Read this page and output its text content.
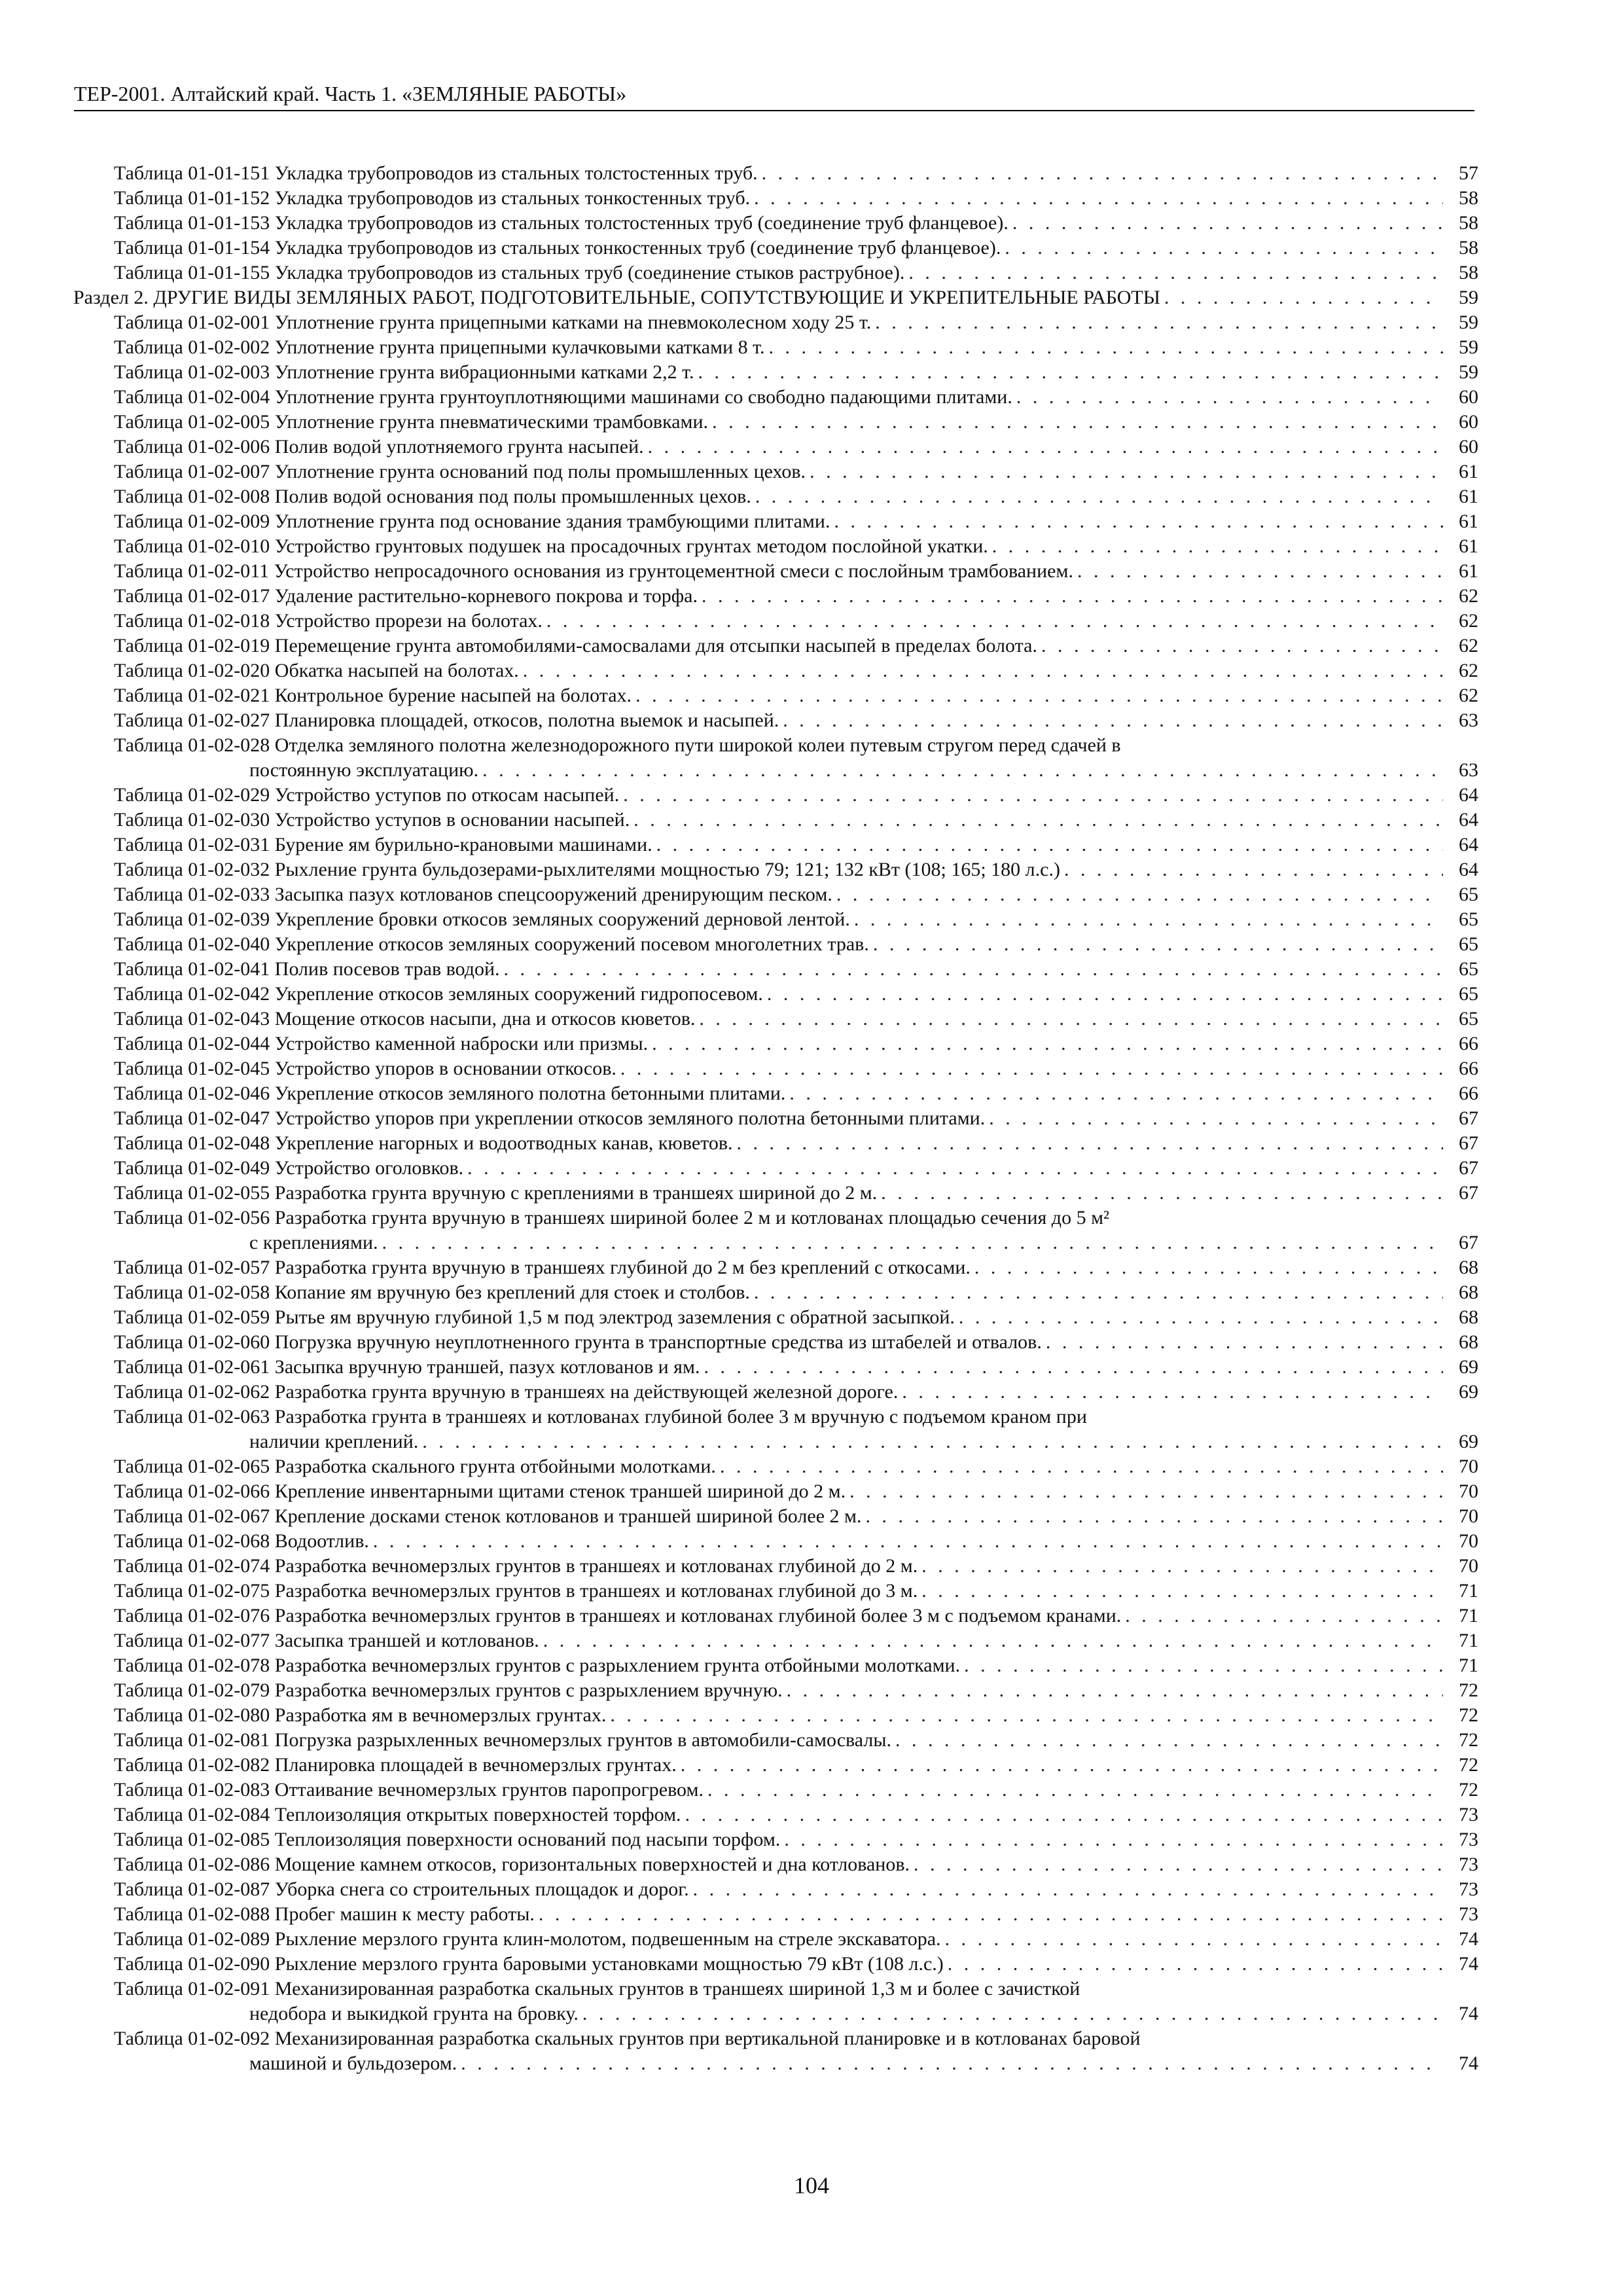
ТЕР-2001. Алтайский край. Часть 1. «ЗЕМЛЯНЫЕ РАБОТЫ»
Таблица 01-01-151 Укладка трубопроводов из стальных толстостенных труб. . . .	57
Таблица 01-01-152 Укладка трубопроводов из стальных тонкостенных труб. . . .	58
Таблица 01-01-153 Укладка трубопроводов из стальных толстостенных труб (соединение труб фланцевое). . . .	58
Таблица 01-01-154 Укладка трубопроводов из стальных тонкостенных труб (соединение труб фланцевое). . . .	58
Таблица 01-01-155 Укладка трубопроводов из стальных труб (соединение стыков раструбное). . . .	58
Раздел 2. ДРУГИЕ ВИДЫ ЗЕМЛЯНЫХ РАБОТ, ПОДГОТОВИТЕЛЬНЫЕ, СОПУТСТВУЮЩИЕ И УКРЕПИТЕЛЬНЫЕ РАБОТЫ . . .	59
Таблица 01-02-001 Уплотнение грунта прицепными катками на пневмоколесном ходу 25 т. . . .	59
Таблица 01-02-002 Уплотнение грунта прицепными кулачковыми катками 8 т. . . .	59
Таблица 01-02-003 Уплотнение грунта вибрационными катками 2,2 т. . . .	59
Таблица 01-02-004 Уплотнение грунта грунтоуплотняющими машинами со свободно падающими плитами. . . .	60
Таблица 01-02-005 Уплотнение грунта пневматическими трамбовками. . . .	60
Таблица 01-02-006 Полив водой уплотняемого грунта насыпей. . . .	60
Таблица 01-02-007 Уплотнение грунта оснований под полы промышленных цехов. . . .	61
Таблица 01-02-008 Полив водой основания под полы промышленных цехов. . . .	61
Таблица 01-02-009 Уплотнение грунта под основание здания трамбующими плитами. . . .	61
Таблица 01-02-010 Устройство грунтовых подушек на просадочных грунтах методом послойной укатки. . . .	61
Таблица 01-02-011 Устройство непросадочного основания из грунтоцементной смеси с послойным трамбованием. . . .	61
Таблица 01-02-017 Удаление растительно-корневого покрова и торфа. . . .	62
Таблица 01-02-018 Устройство прорези на болотах. . . .	62
Таблица 01-02-019 Перемещение грунта автомобилями-самосвалами для отсыпки насыпей в пределах болота. . . .	62
Таблица 01-02-020 Обкатка насыпей на болотах. . . .	62
Таблица 01-02-021 Контрольное бурение насыпей на болотах. . . .	62
Таблица 01-02-027 Планировка площадей, откосов, полотна выемок и насыпей. . . .	63
Таблица 01-02-028 Отделка земляного полотна железнодорожного пути широкой колеи путевым стругом перед сдачей в
постоянную эксплуатацию. . . .	63
Таблица 01-02-029 Устройство уступов по откосам насыпей. . . .	64
Таблица 01-02-030 Устройство уступов в основании насыпей. . . .	64
Таблица 01-02-031 Бурение ям бурильно-крановыми машинами. . . .	64
Таблица 01-02-032 Рыхление грунта бульдозерами-рыхлителями мощностью 79; 121; 132 кВт (108; 165; 180 л.с.) . . .	64
Таблица 01-02-033 Засыпка пазух котлованов спецсооружений дренирующим песком. . . .	65
Таблица 01-02-039 Укрепление бровки откосов земляных сооружений дерновой лентой. . . .	65
Таблица 01-02-040 Укрепление откосов земляных сооружений посевом многолетних трав. . . .	65
Таблица 01-02-041 Полив посевов трав водой. . . .	65
Таблица 01-02-042 Укрепление откосов земляных сооружений гидропосевом. . . .	65
Таблица 01-02-043 Мощение откосов насыпи, дна и откосов кюветов. . . .	65
Таблица 01-02-044 Устройство каменной наброски или призмы. . . .	66
Таблица 01-02-045 Устройство упоров в основании откосов. . . .	66
Таблица 01-02-046 Укрепление откосов земляного полотна бетонными плитами. . . .	66
Таблица 01-02-047 Устройство упоров при укреплении откосов земляного полотна бетонными плитами. . . .	67
Таблица 01-02-048 Укрепление нагорных и водоотводных канав, кюветов. . . .	67
Таблица 01-02-049 Устройство оголовков. . . .	67
Таблица 01-02-055 Разработка грунта вручную с креплениями в траншеях шириной до 2 м. . . .	67
Таблица 01-02-056 Разработка грунта вручную в траншеях шириной более 2 м и котлованах площадью сечения до 5 м²
с креплениями. . . .	67
Таблица 01-02-057 Разработка грунта вручную в траншеях глубиной до 2 м без креплений с откосами. . . .	68
Таблица 01-02-058 Копание ям вручную без креплений для стоек и столбов. . . .	68
Таблица 01-02-059 Рытье ям вручную глубиной 1,5 м под электрод заземления с обратной засыпкой. . . .	68
Таблица 01-02-060 Погрузка вручную неуплотненного грунта в транспортные средства из штабелей и отвалов. . . .	68
Таблица 01-02-061 Засыпка вручную траншей, пазух котлованов и ям. . . .	69
Таблица 01-02-062 Разработка грунта вручную в траншеях на действующей железной дороге. . . .	69
Таблица 01-02-063 Разработка грунта в траншеях и котлованах глубиной более 3 м вручную с подъемом краном при
наличии креплений. . . .	69
Таблица 01-02-065 Разработка скального грунта отбойными молотками. . . .	70
Таблица 01-02-066 Крепление инвентарными щитами стенок траншей шириной до 2 м. . . .	70
Таблица 01-02-067 Крепление досками стенок котлованов и траншей шириной более 2 м. . . .	70
Таблица 01-02-068 Водоотлив. . . .	70
Таблица 01-02-074 Разработка вечномерзлых грунтов в траншеях и котлованах глубиной до 2 м. . . .	70
Таблица 01-02-075 Разработка вечномерзлых грунтов в траншеях и котлованах глубиной до 3 м. . . .	71
Таблица 01-02-076 Разработка вечномерзлых грунтов в траншеях и котлованах глубиной более 3 м с подъемом кранами. . . .	71
Таблица 01-02-077 Засыпка траншей и котлованов. . . .	71
Таблица 01-02-078 Разработка вечномерзлых грунтов с разрыхлением грунта отбойными молотками. . . .	71
Таблица 01-02-079 Разработка вечномерзлых грунтов с разрыхлением вручную. . . .	72
Таблица 01-02-080 Разработка ям в вечномерзлых грунтах. . . .	72
Таблица 01-02-081 Погрузка разрыхленных вечномерзлых грунтов в автомобили-самосвалы. . . .	72
Таблица 01-02-082 Планировка площадей в вечномерзлых грунтах. . . .	72
Таблица 01-02-083 Оттаивание вечномерзлых грунтов паропрогревом. . . .	72
Таблица 01-02-084 Теплоизоляция открытых поверхностей торфом. . . .	73
Таблица 01-02-085 Теплоизоляция поверхности оснований под насыпи торфом. . . .	73
Таблица 01-02-086 Мощение камнем откосов, горизонтальных поверхностей и дна котлованов. . . .	73
Таблица 01-02-087 Уборка снега со строительных площадок и дорог. . . .	73
Таблица 01-02-088 Пробег машин к месту работы. . . .	73
Таблица 01-02-089 Рыхление мерзлого грунта клин-молотом, подвешенным на стреле экскаватора. . . .	74
Таблица 01-02-090 Рыхление мерзлого грунта баровыми установками мощностью 79 кВт (108 л.с.) . . .	74
Таблица 01-02-091 Механизированная разработка скальных грунтов в траншеях шириной 1,3 м и более с зачисткой
недобора и выкидкой грунта на бровку. . . .	74
Таблица 01-02-092 Механизированная разработка скальных грунтов при вертикальной планировке и в котлованах баровой
машиной и бульдозером. . . .	74
104
